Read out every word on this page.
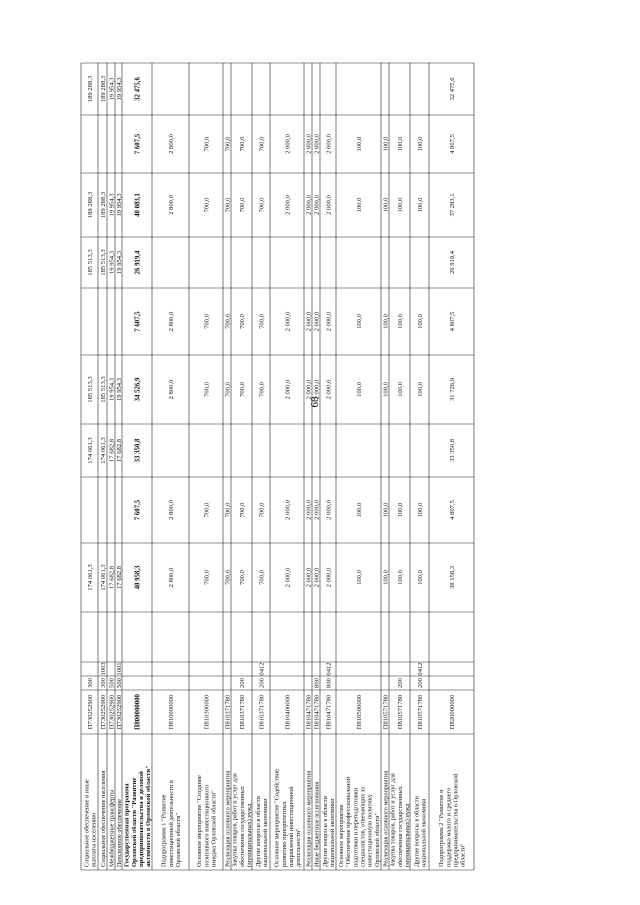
68
Социальное обеспечение и иные выплаты населению
П730252900
300
174 061,3
174 061,3
185 513,3
185 513,3
189 288,3
189 288,3
Социальное обеспечение населения
П730252900
300
1003
174 061,3
174 061,3
185 513,3
185 513,3
189 288,3
189 288,3
Межбюджетные трансферты
П730252900
500
17 682,8
17 682,8
19 954,3
19 954,3
19 954,3
19 954,3
Пенсионное обеспечение
П730252900
500
1001
17 682,8
17 682,8
19 954,3
19 954,3
19 954,3
19 954,3
Государственная программа Орловской области "Развитие предпринимательства и деловой активности в Орловской области"
П800000000
40 958,3
7 607,5
33 350,8
34 526,9
7 607,5
26 919,4
40 083,1
7 607,5
32 475,6
Подпрограмма 1 "Развитие инвестиционной деятельности в Орловской области"
П810000000
2 800,0
2 800,0
2 800,0
2 800,0
2 800,0
2 800,0
Основное мероприятие "Создание позитивного инвестиционного имиджа Орловской области"
П810300000
700,0
700,0
700,0
700,0
700,0
700,0
Реализация основного мероприятия
П810371780
700,0
700,0
700,0
700,0
700,0
700,0
Закупка товаров, работ и услуг для обеспечения государственных (муниципальных) нужд
П810371780
200
700,0
700,0
700,0
700,0
700,0
700,0
Другие вопросы в области национальной экономики
П810371780
200
0412
700,0
700,0
700,0
700,0
700,0
700,0
Основное мероприятие "Содействие развитию приоритетных направлений инвестиционной деятельности"
П810400000
2 000,0
2 000,0
2 000,0
2 000,0
2 000,0
2 000,0
Реализация основного мероприятия
П810471780
2 000,0
2 000,0
2 000,0
2 000,0
2 000,0
2 000,0
Иные бюджетные ассигнования
П810471780
800
2 000,0
2 000,0
2 000,0
2 000,0
2 000,0
2 000,0
Другие вопросы в области национальной экономики
П810471780
800
0412
2 000,0
2 000,0
2 000,0
2 000,0
2 000,0
2 000,0
Основное мероприятие "Обеспечение профессиональной подготовки и переподготовки специалистов, отвечающих за инвестиционную политику Орловской области"
П810500000
100,0
100,0
100,0
100,0
100,0
100,0
Реализация основного мероприятия
П810571780
100,0
100,0
100,0
100,0
100,0
100,0
Закупка товаров, работ и услуг для обеспечения государственных (муниципальных) нужд
П810571780
200
100,0
100,0
100,0
100,0
100,0
100,0
Другие вопросы в области национальной экономики
П810571780
200
0412
100,0
100,0
100,0
100,0
100,0
100,0
Подпрограмма 2 "Развитие и поддержка малого и среднего предпринимательства в Орловской области"
П820000000
38 158,3
4 807,5
33 350,8
31 726,9
4 807,5
26 919,4
37 283,1
4 807,5
32 475,6
